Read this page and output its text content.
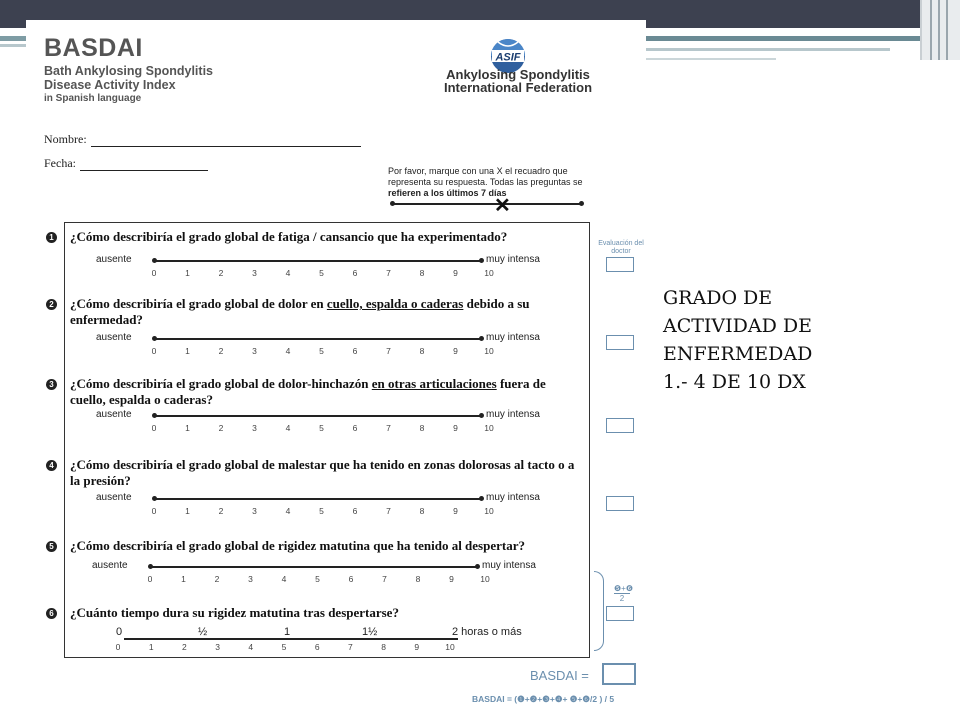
BASDAI
Bath Ankylosing Spondylitis
Disease Activity Index
in Spanish language
ASIF
Ankylosing Spondylitis
International Federation
Nombre:
Fecha:
Por favor, marque con una X el recuadro que
representa su respuesta. Todas las preguntas se
refieren a los últimos 7 días
✕
1 ¿Cómo describiría el grado global de fatiga / cansancio que ha experimentado?
ausente	muy intensa
0	1	2	3	4	5	6	7	8	9	10
2 ¿Cómo describiría el grado global de dolor en cuello, espalda o caderas debido a su enfermedad?
ausente	muy intensa
0	1	2	3	4	5	6	7	8	9	10
3 ¿Cómo describiría el grado global de dolor-hinchazón en otras articulaciones fuera de cuello, espalda o caderas?
ausente	muy intensa
0	1	2	3	4	5	6	7	8	9	10
4 ¿Cómo describiría el grado global de malestar que ha tenido en zonas dolorosas al tacto o a la presión?
ausente	muy intensa
0	1	2	3	4	5	6	7	8	9	10
5 ¿Cómo describiría el grado global de rigidez matutina que ha tenido al despertar?
ausente	muy intensa
0	1	2	3	4	5	6	7	8	9	10
6 ¿Cuánto tiempo dura su rigidez matutina tras despertarse?
0	½	1	1½	2 horas o más
0	1	2	3	4	5	6	7	8	9	10
Evaluación del doctor
❺+❻
2
BASDAI =
BASDAI = (❶+❷+❸+❹+ ❺+❻/2 ) / 5
GRADO DE
ACTIVIDAD DE
ENFERMEDAD
1.- 4 DE 10 DX
